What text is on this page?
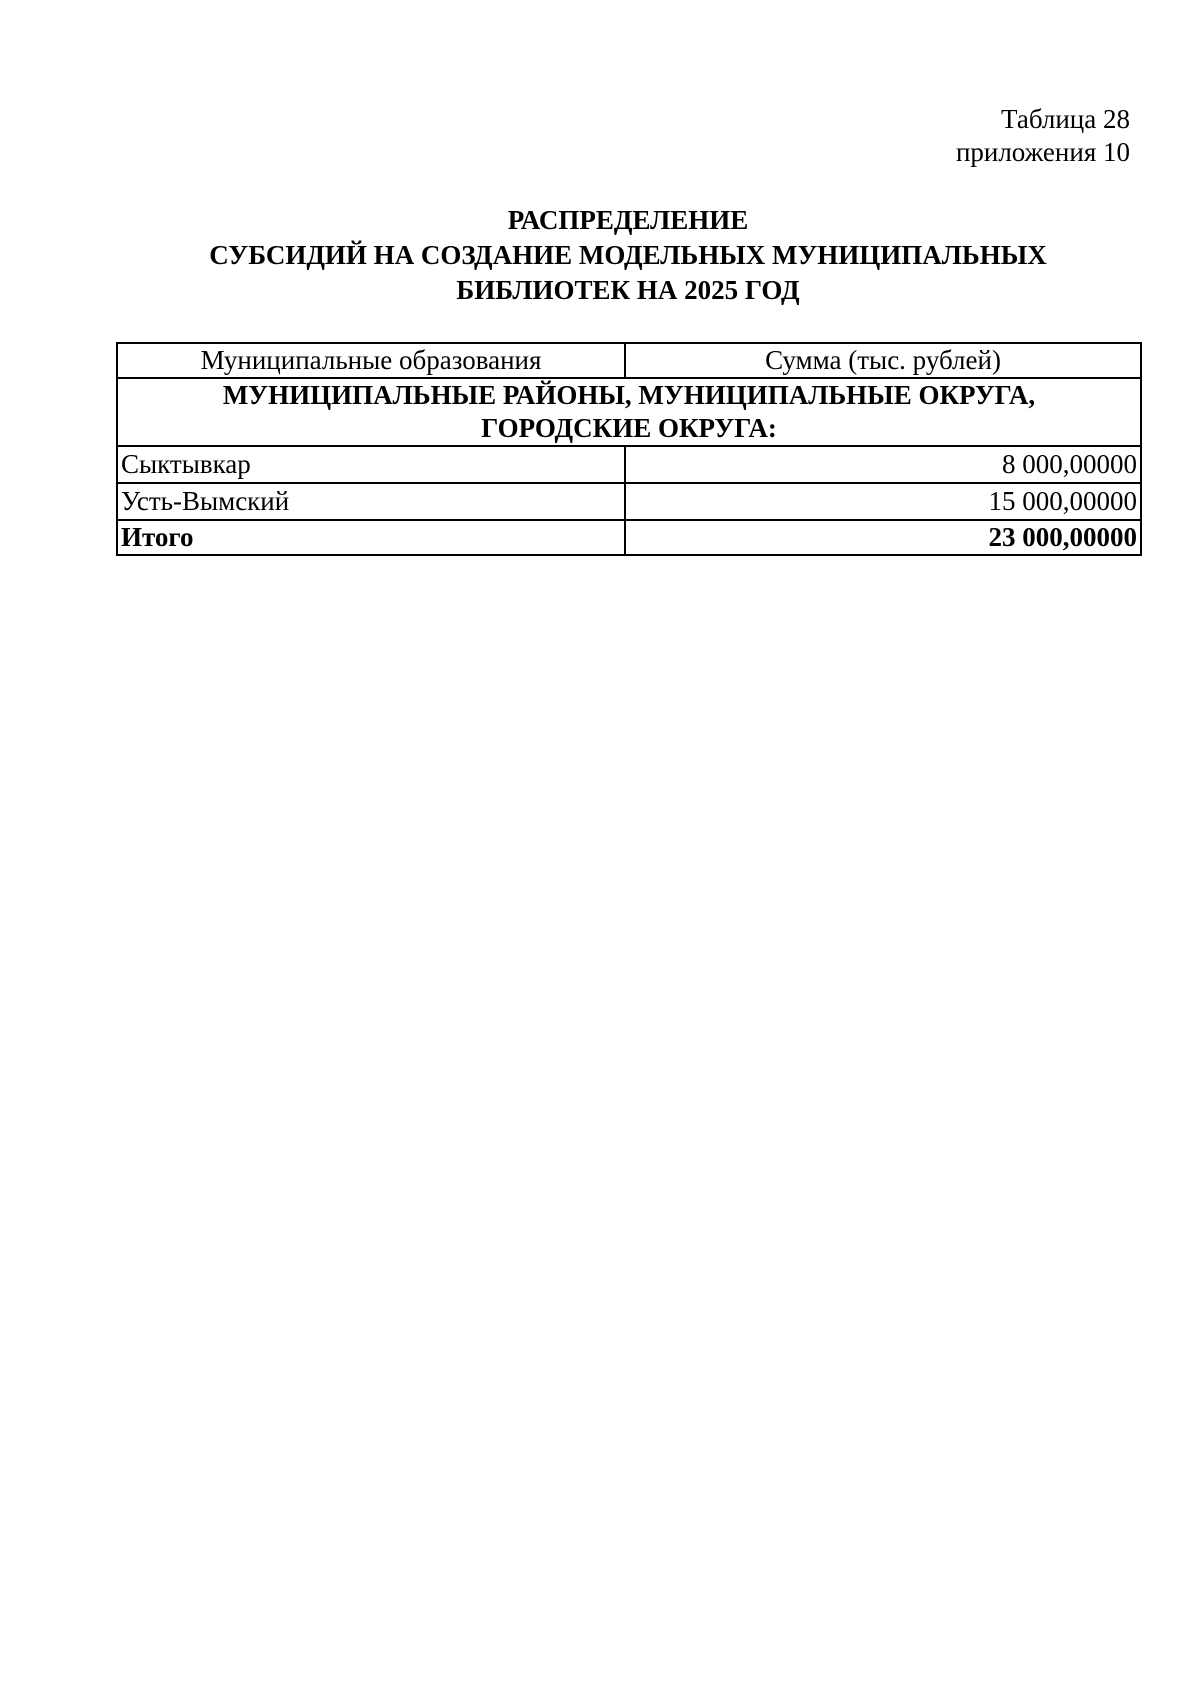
Таблица 28
приложения 10
РАСПРЕДЕЛЕНИЕ
СУБСИДИЙ НА СОЗДАНИЕ МОДЕЛЬНЫХ МУНИЦИПАЛЬНЫХ
БИБЛИОТЕК НА 2025 ГОД
Муниципальные образования	Сумма (тыс. рублей)

МУНИЦИПАЛЬНЫЕ РАЙОНЫ, МУНИЦИПАЛЬНЫЕ ОКРУГА,
ГОРОДСКИЕ ОКРУГА:	

Сыктывкар	8 000,00000
Усть-Вымский	15 000,00000
Итого	23 000,00000
